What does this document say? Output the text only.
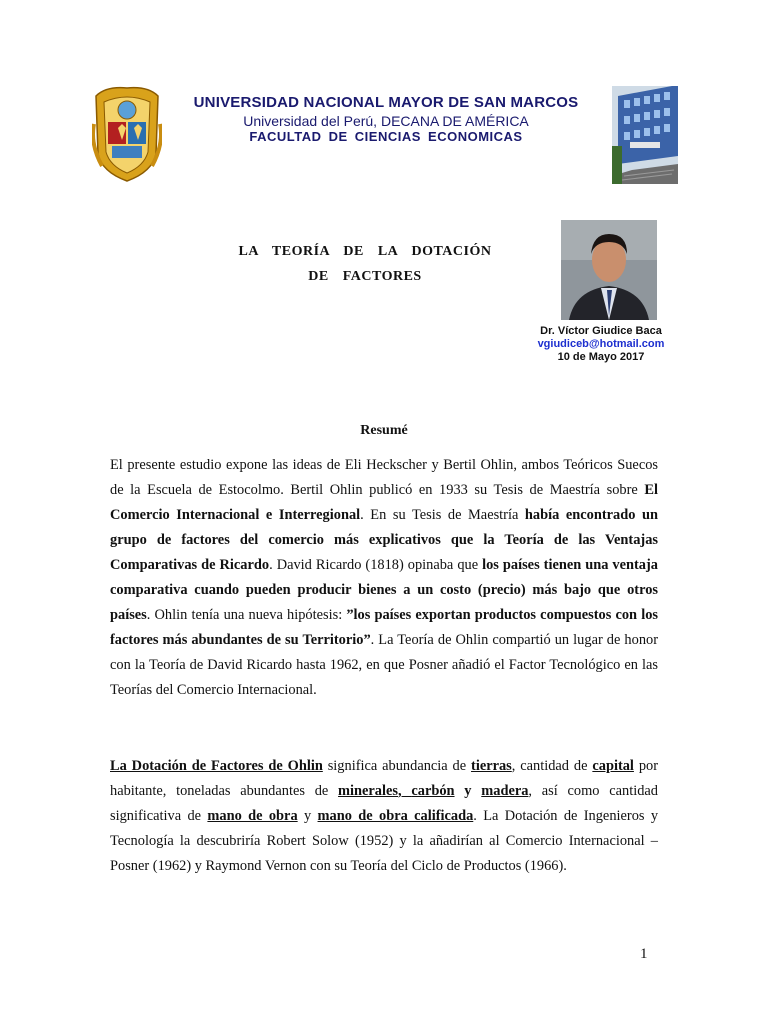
UNIVERSIDAD NACIONAL MAYOR DE SAN MARCOS
Universidad del Perú, DECANA DE AMÉRICA
FACULTAD DE CIENCIAS ECONOMICAS
LA TEORÍA DE LA DOTACIÓN
DE FACTORES
Dr. Víctor Giudice Baca
vgiudiceb@hotmail.com
10 de Mayo 2017
Resumé
El presente estudio expone las ideas de Eli Heckscher y Bertil Ohlin, ambos Teóricos Suecos de la Escuela de Estocolmo. Bertil Ohlin publicó en 1933 su Tesis de Maestría sobre El Comercio Internacional e Interregional. En su Tesis de Maestría había encontrado un grupo de factores del comercio más explicativos que la Teoría de las Ventajas Comparativas de Ricardo. David Ricardo (1818) opinaba que los países tienen una ventaja comparativa cuando pueden producir bienes a un costo (precio) más bajo que otros países. Ohlin tenía una nueva hipótesis: ”los países exportan productos compuestos con los factores más abundantes de su Territorio”. La Teoría de Ohlin compartió un lugar de honor con la Teoría de David Ricardo hasta 1962, en que Posner añadió el Factor Tecnológico en las Teorías del Comercio Internacional.
La Dotación de Factores de Ohlin significa abundancia de tierras, cantidad de capital por habitante, toneladas abundantes de minerales, carbón y madera, así como cantidad significativa de mano de obra y mano de obra calificada. La Dotación de Ingenieros y Tecnología la descubriría Robert Solow (1952) y la añadirían al Comercio Internacional – Posner (1962) y Raymond Vernon con su Teoría del Ciclo de Productos (1966).
1
